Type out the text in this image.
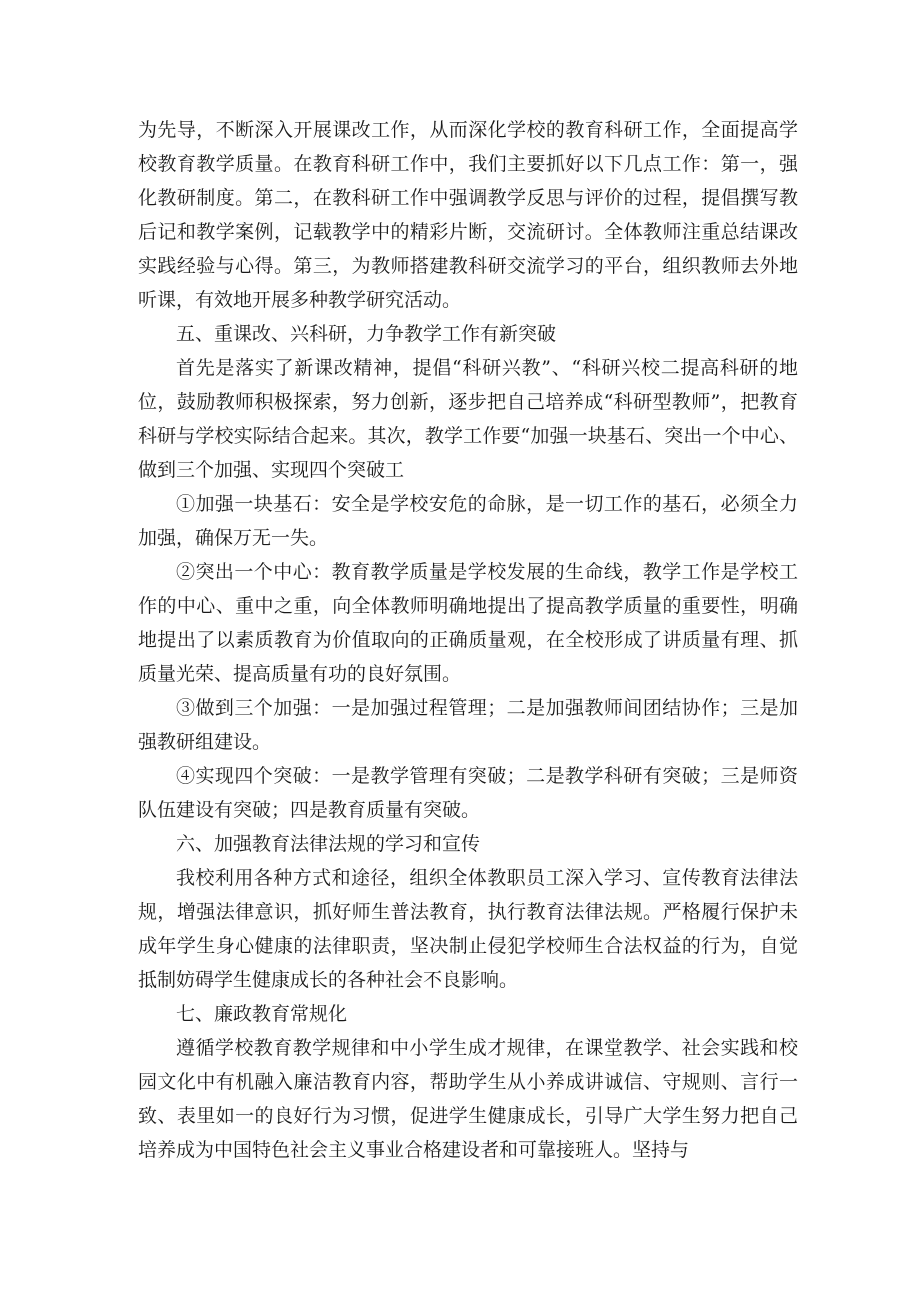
为先导，不断深入开展课改工作，从而深化学校的教育科研工作，全面提高学校教育教学质量。在教育科研工作中，我们主要抓好以下几点工作：第一，强化教研制度。第二，在教科研工作中强调教学反思与评价的过程，提倡撰写教后记和教学案例，记载教学中的精彩片断，交流研讨。全体教师注重总结课改实践经验与心得。第三，为教师搭建教科研交流学习的平台，组织教师去外地听课，有效地开展多种教学研究活动。

五、重课改、兴科研，力争教学工作有新突破

首先是落实了新课改精神，提倡“科研兴教”、“科研兴校二提高科研的地位，鼓励教师积极探索，努力创新，逐步把自己培养成“科研型教师”，把教育科研与学校实际结合起来。其次，教学工作要“加强一块基石、突出一个中心、做到三个加强、实现四个突破工

①加强一块基石：安全是学校安危的命脉，是一切工作的基石，必须全力加强，确保万无一失。

②突出一个中心：教育教学质量是学校发展的生命线，教学工作是学校工作的中心、重中之重，向全体教师明确地提出了提高教学质量的重要性，明确地提出了以素质教育为价值取向的正确质量观，在全校形成了讲质量有理、抓质量光荣、提高质量有功的良好氛围。

③做到三个加强：一是加强过程管理；二是加强教师间团结协作；三是加强教研组建设。

④实现四个突破：一是教学管理有突破；二是教学科研有突破；三是师资队伍建设有突破；四是教育质量有突破。

六、加强教育法律法规的学习和宣传

我校利用各种方式和途径，组织全体教职员工深入学习、宣传教育法律法规，增强法律意识，抓好师生普法教育，执行教育法律法规。严格履行保护未成年学生身心健康的法律职责，坚决制止侵犯学校师生合法权益的行为，自觉抵制妨碍学生健康成长的各种社会不良影响。

七、廉政教育常规化

遵循学校教育教学规律和中小学生成才规律，在课堂教学、社会实践和校园文化中有机融入廉洁教育内容，帮助学生从小养成讲诚信、守规则、言行一致、表里如一的良好行为习惯，促进学生健康成长，引导广大学生努力把自己培养成为中国特色社会主义事业合格建设者和可靠接班人。坚持与
